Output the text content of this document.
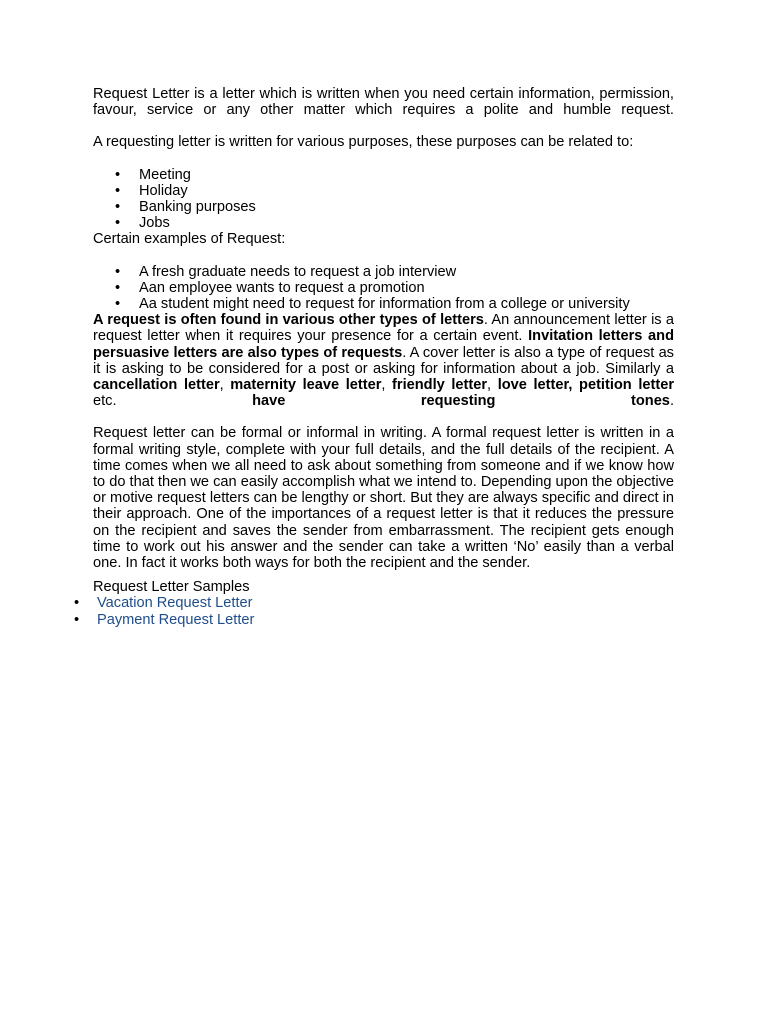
Request Letter is a letter which is written when you need certain information, permission, favour, service or any other matter which requires a polite and humble request.

A requesting letter is written for various purposes, these purposes can be related to:

• Meeting
• Holiday
• Banking purposes
• Jobs

Certain examples of Request:

• A fresh graduate needs to request a job interview
• Aan employee wants to request a promotion
• Aa student might need to request for information from a college or university

A request is often found in various other types of letters. An announcement letter is a request letter when it requires your presence for a certain event. Invitation letters and persuasive letters are also types of requests. A cover letter is also a type of request as it is asking to be considered for a post or asking for information about a job. Similarly a cancellation letter, maternity leave letter, friendly letter, love letter, petition letter etc. have requesting tones.

Request letter can be formal or informal in writing. A formal request letter is written in a formal writing style, complete with your full details, and the full details of the recipient. A time comes when we all need to ask about something from someone and if we know how to do that then we can easily accomplish what we intend to. Depending upon the objective or motive request letters can be lengthy or short. But they are always specific and direct in their approach. One of the importances of a request letter is that it reduces the pressure on the recipient and saves the sender from embarrassment. The recipient gets enough time to work out his answer and the sender can take a written ‘No’ easily than a verbal one. In fact it works both ways for both the recipient and the sender.

Request Letter Samples

• Vacation Request Letter
• Payment Request Letter
